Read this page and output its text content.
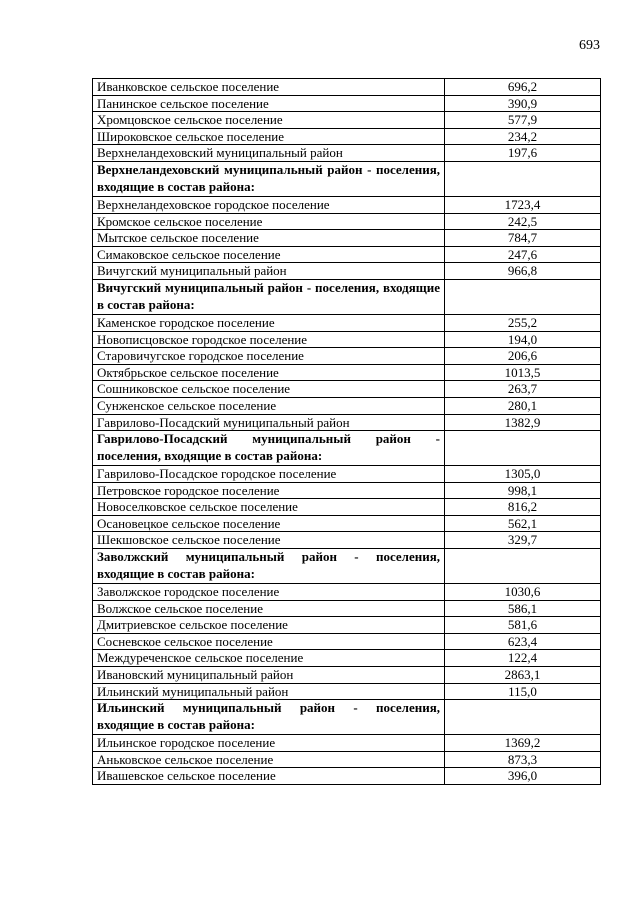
693
Иванковское сельское поселение	696,2
Панинское сельское поселение	390,9
Хромцовское сельское поселение	577,9
Широковское сельское поселение	234,2
Верхнеландеховский муниципальный район	197,6
Верхнеландеховский муниципальный район - поселения, входящие в состав района:	
Верхнеландеховское городское поселение	1723,4
Кромское сельское поселение	242,5
Мытское сельское поселение	784,7
Симаковское сельское поселение	247,6
Вичугский муниципальный район	966,8
Вичугский муниципальный район - поселения, входящие в состав района:	
Каменское городское поселение	255,2
Новописцовское городское поселение	194,0
Старовичугское городское поселение	206,6
Октябрьское сельское поселение	1013,5
Сошниковское сельское поселение	263,7
Сунженское сельское поселение	280,1
Гаврилово-Посадский муниципальный район	1382,9
Гаврилово-Посадский муниципальный район - поселения, входящие в состав района:	
Гаврилово-Посадское городское поселение	1305,0
Петровское городское поселение	998,1
Новоселковское сельское поселение	816,2
Осановецкое сельское поселение	562,1
Шекшовское сельское поселение	329,7
Заволжский муниципальный район - поселения, входящие в состав района:	
Заволжское городское поселение	1030,6
Волжское сельское поселение	586,1
Дмитриевское сельское поселение	581,6
Сосневское сельское поселение	623,4
Междуреченское сельское поселение	122,4
Ивановский муниципальный район	2863,1
Ильинский муниципальный район	115,0
Ильинский муниципальный район - поселения, входящие в состав района:	
Ильинское городское поселение	1369,2
Аньковское сельское поселение	873,3
Ивашевское сельское поселение	396,0
